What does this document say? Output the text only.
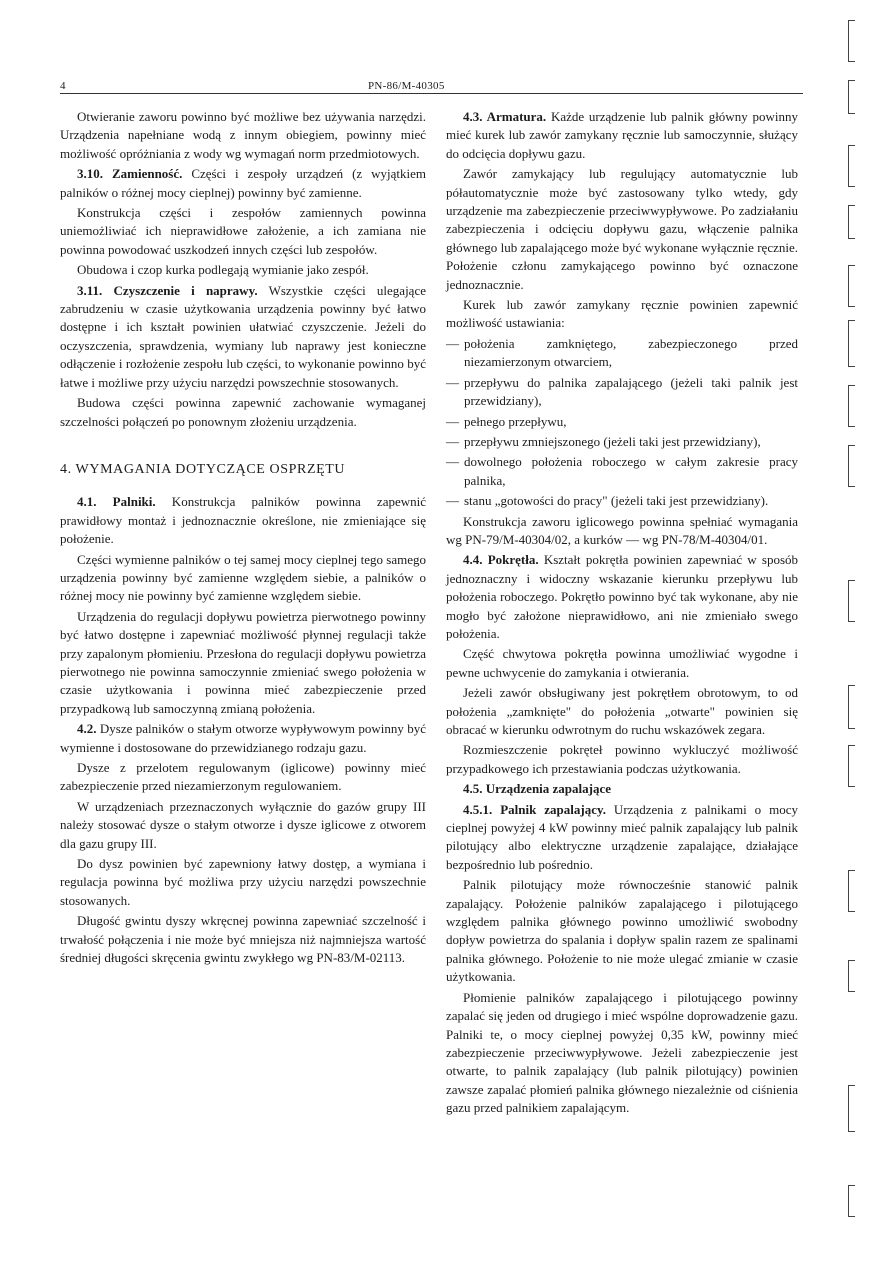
4	PN-86/M-40305

Otwieranie zaworu powinno być możliwe bez używania narzędzi. Urządzenia napełniane wodą z innym obiegiem, powinny mieć możliwość opróżniania z wody wg wymagań norm przedmiotowych.

3.10. Zamienność. Części i zespoły urządzeń (z wyjątkiem palników o różnej mocy cieplnej) powinny być zamienne.

Konstrukcja części i zespołów zamiennych powinna uniemożliwiać ich nieprawidłowe założenie, a ich zamiana nie powinna powodować uszkodzeń innych części lub zespołów.

Obudowa i czop kurka podlegają wymianie jako zespół.

3.11. Czyszczenie i naprawy. Wszystkie części ulegające zabrudzeniu w czasie użytkowania urządzenia powinny być łatwo dostępne i ich kształt powinien ułatwiać czyszczenie. Jeżeli do oczyszczenia, sprawdzenia, wymiany lub naprawy jest konieczne odłączenie i rozłożenie zespołu lub części, to wykonanie powinno być łatwe i możliwe przy użyciu narzędzi powszechnie stosowanych.

Budowa części powinna zapewnić zachowanie wymaganej szczelności połączeń po ponownym złożeniu urządzenia.

4. WYMAGANIA DOTYCZĄCE OSPRZĘTU

4.1. Palniki. Konstrukcja palników powinna zapewnić prawidłowy montaż i jednoznacznie określone, nie zmieniające się położenie.

Części wymienne palników o tej samej mocy cieplnej tego samego urządzenia powinny być zamienne względem siebie, a palników o różnej mocy nie powinny być zamienne względem siebie.

Urządzenia do regulacji dopływu powietrza pierwotnego powinny być łatwo dostępne i zapewniać możliwość płynnej regulacji także przy zapalonym płomieniu. Przesłona do regulacji dopływu powietrza pierwotnego nie powinna samoczynnie zmieniać swego położenia w czasie użytkowania i powinna mieć zabezpieczenie przed przypadkową lub samoczynną zmianą położenia.

4.2. Dysze palników o stałym otworze wypływowym powinny być wymienne i dostosowane do przewidzianego rodzaju gazu.

Dysze z przelotem regulowanym (iglicowe) powinny mieć zabezpieczenie przed niezamierzonym regulowaniem.

W urządzeniach przeznaczonych wyłącznie do gazów grupy III należy stosować dysze o stałym otworze i dysze iglicowe z otworem dla gazu grupy III.

Do dysz powinien być zapewniony łatwy dostęp, a wymiana i regulacja powinna być możliwa przy użyciu narzędzi powszechnie stosowanych.

Długość gwintu dyszy wkręcnej powinna zapewniać szczelność i trwałość połączenia i nie może być mniejsza niż najmniejsza wartość średniej długości skręcenia gwintu zwykłego wg PN-83/M-02113.

4.3. Armatura. Każde urządzenie lub palnik główny powinny mieć kurek lub zawór zamykany ręcznie lub samoczynnie, służący do odcięcia dopływu gazu.

Zawór zamykający lub regulujący automatycznie lub półautomatycznie może być zastosowany tylko wtedy, gdy urządzenie ma zabezpieczenie przeciwwypływowe. Po zadziałaniu zabezpieczenia i odcięciu dopływu gazu, włączenie palnika głównego lub zapalającego może być wykonane wyłącznie ręcznie. Położenie członu zamykającego powinno być oznaczone jednoznacznie.

Kurek lub zawór zamykany ręcznie powinien zapewnić możliwość ustawiania:

— położenia zamkniętego, zabezpieczonego przed niezamierzonym otwarciem,

— przepływu do palnika zapalającego (jeżeli taki palnik jest przewidziany),

— pełnego przepływu,

— przepływu zmniejszonego (jeżeli taki jest przewidziany),

— dowolnego położenia roboczego w całym zakresie pracy palnika,

— stanu „gotowości do pracy" (jeżeli taki jest przewidziany).

Konstrukcja zaworu iglicowego powinna spełniać wymagania wg PN-79/M-40304/02, a kurków — wg PN-78/M-40304/01.

4.4. Pokrętła. Kształt pokrętła powinien zapewniać w sposób jednoznaczny i widoczny wskazanie kierunku przepływu lub położenia roboczego. Pokrętło powinno być tak wykonane, aby nie mogło być założone nieprawidłowo, ani nie zmieniało swego położenia.

Część chwytowa pokrętła powinna umożliwiać wygodne i pewne uchwycenie do zamykania i otwierania.

Jeżeli zawór obsługiwany jest pokrętłem obrotowym, to od położenia „zamknięte" do położenia „otwarte" powinien się obracać w kierunku odwrotnym do ruchu wskazówek zegara.

Rozmieszczenie pokręteł powinno wykluczyć możliwość przypadkowego ich przestawiania podczas użytkowania.

4.5. Urządzenia zapalające

4.5.1. Palnik zapalający. Urządzenia z palnikami o mocy cieplnej powyżej 4 kW powinny mieć palnik zapalający lub palnik pilotujący albo elektryczne urządzenie zapalające, działające bezpośrednio lub pośrednio.

Palnik pilotujący może równocześnie stanowić palnik zapalający. Położenie palników zapalającego i pilotującego względem palnika głównego powinno umożliwić swobodny dopływ powietrza do spalania i dopływ spalin razem ze spalinami palnika głównego. Położenie to nie może ulegać zmianie w czasie użytkowania.

Płomienie palników zapalającego i pilotującego powinny zapalać się jeden od drugiego i mieć wspólne doprowadzenie gazu. Palniki te, o mocy cieplnej powyżej 0,35 kW, powinny mieć zabezpieczenie przeciwwypływowe. Jeżeli zabezpieczenie jest otwarte, to palnik zapalający (lub palnik pilotujący) powinien zawsze zapalać płomień palnika głównego niezależnie od ciśnienia gazu przed palnikiem zapalającym.
